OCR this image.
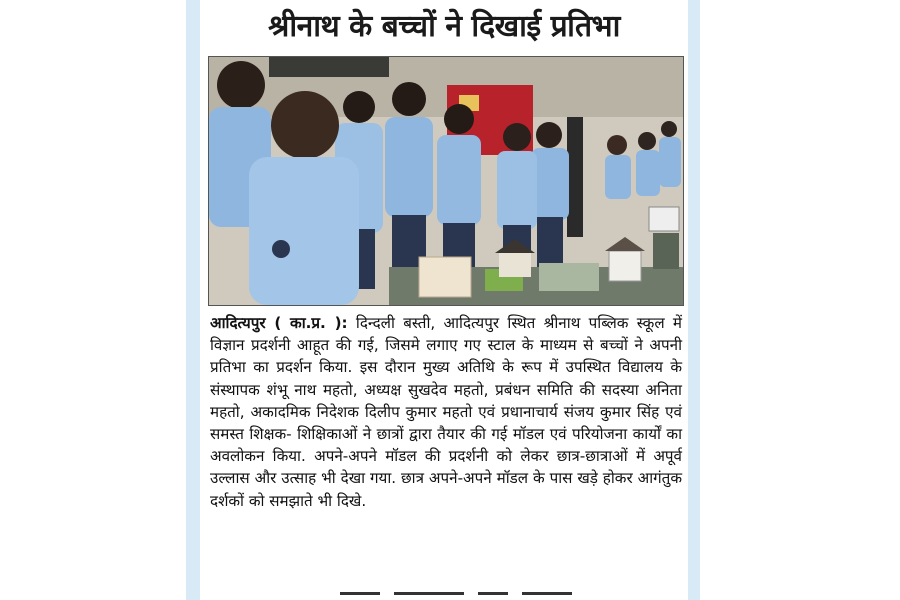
श्रीनाथ के बच्चों ने दिखाई प्रतिभा

आदित्यपुर ( का.प्र. ): दिन्दली बस्ती, आदित्यपुर स्थित श्रीनाथ पब्लिक स्कूल में विज्ञान प्रदर्शनी आहूत की गई, जिसमे लगाए गए स्टाल के माध्यम से बच्चों ने अपनी प्रतिभा का प्रदर्शन किया. इस दौरान मुख्य अतिथि के रूप में उपस्थित विद्यालय के संस्थापक शंभू नाथ महतो, अध्यक्ष सुखदेव महतो, प्रबंधन समिति की सदस्या अनिता महतो, अकादमिक निदेशक दिलीप कुमार महतो एवं प्रधानाचार्य संजय कुमार सिंह एवं समस्त शिक्षक- शिक्षिकाओं ने छात्रों द्वारा तैयार की गई मॉडल एवं परियोजना कार्यों का अवलोकन किया. अपने-अपने मॉडल की प्रदर्शनी को लेकर छात्र-छात्राओं में अपूर्व उल्लास और उत्साह भी देखा गया. छात्र अपने-अपने मॉडल के पास खड़े होकर आगंतुक दर्शकों को समझाते भी दिखे.
